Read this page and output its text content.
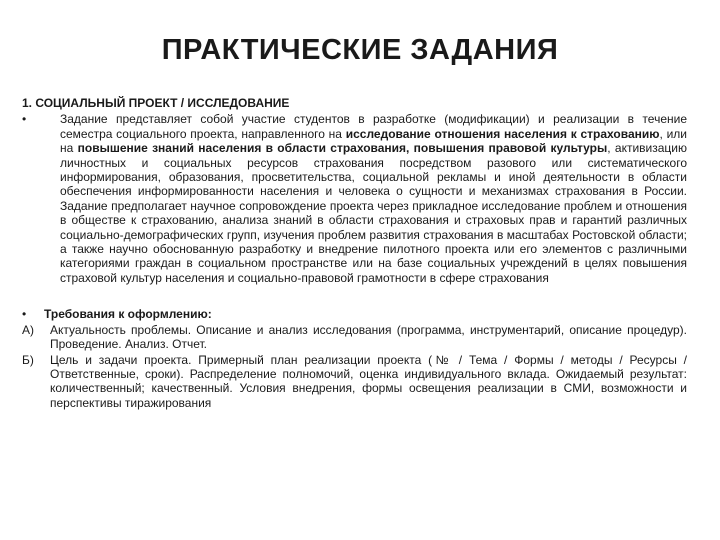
ПРАКТИЧЕСКИЕ ЗАДАНИЯ
1. СОЦИАЛЬНЫЙ ПРОЕКТ / ИССЛЕДОВАНИЕ
•	Задание представляет собой участие студентов в разработке (модификации) и реализации в течение семестра социального проекта, направленного на исследование отношения населения к страхованию, или на повышение знаний населения в области страхования, повышения правовой культуры, активизацию личностных и социальных ресурсов страхования посредством разового или систематического информирования, образования, просветительства, социальной рекламы и иной деятельности в области обеспечения информированности населения и человека о сущности и механизмах страхования в России. Задание предполагает научное сопровождение проекта через прикладное исследование проблем и отношения в обществе к страхованию, анализа знаний в области страхования и страховых прав и гарантий различных социально-демографических групп, изучения проблем развития страхования в масштабах Ростовской области; а также научно обоснованную разработку и внедрение пилотного проекта или его элементов с различными категориями граждан в социальном пространстве или на базе социальных учреждений в целях повышения страховой культур населения и социально-правовой грамотности в сфере страхования
•	Требования к оформлению:
А) Актуальность проблемы. Описание и анализ исследования (программа, инструментарий, описание процедур). Проведение. Анализ. Отчет.
Б) Цель и задачи проекта. Примерный план реализации проекта (№ / Тема / Формы / методы / Ресурсы / Ответственные, сроки). Распределение полномочий, оценка индивидуального вклада. Ожидаемый результат: количественный; качественный. Условия внедрения, формы освещения реализации в СМИ, возможности и перспективы тиражирования
